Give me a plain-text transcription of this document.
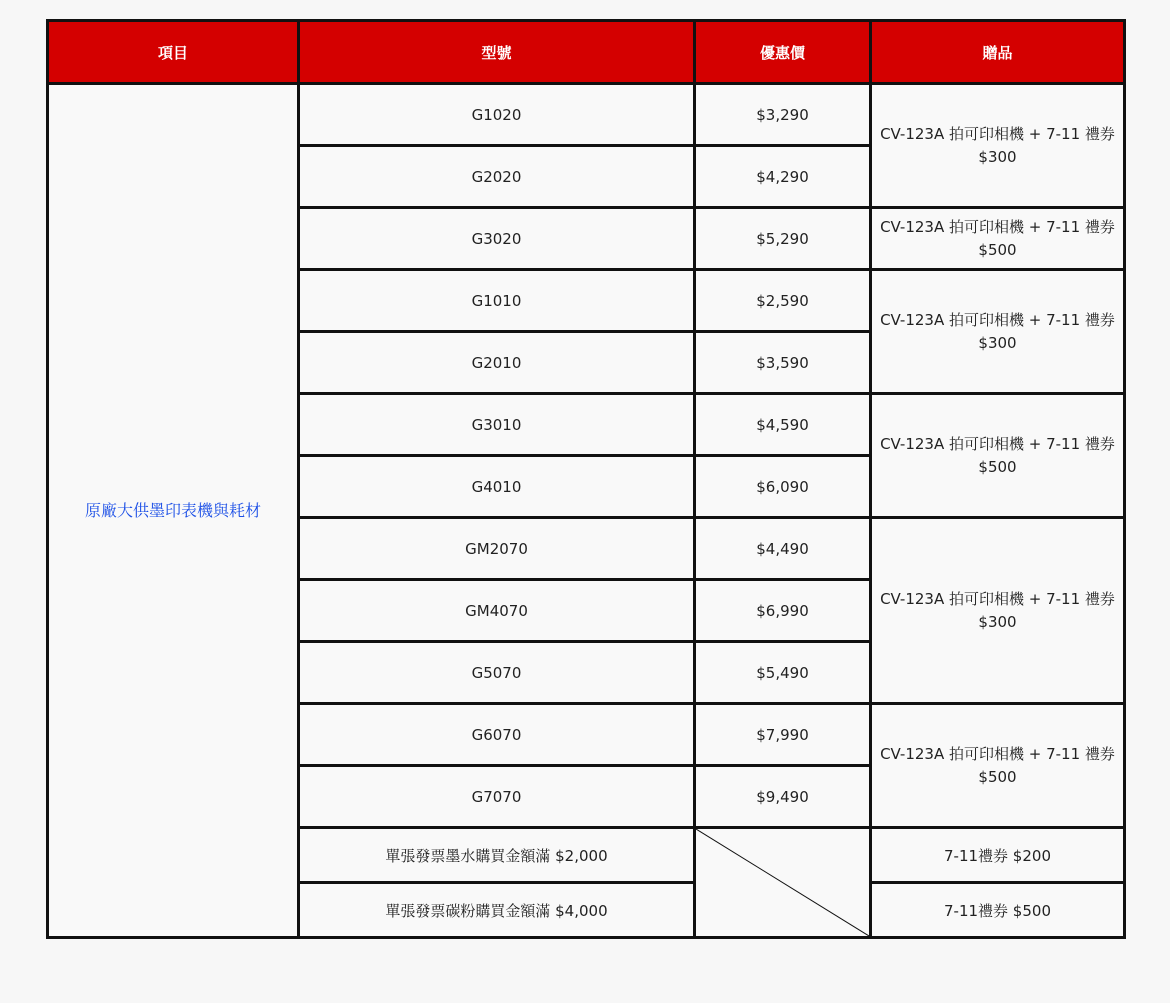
項目	型號	優惠價	贈品
原廠大供墨印表機與耗材	G1020	$3,290	CV-123A 拍可印相機 + 7-11 禮券
$300
	G2020	$4,290	
	G3020	$5,290	CV-123A 拍可印相機 + 7-11 禮券
$500
	G1010	$2,590	CV-123A 拍可印相機 + 7-11 禮券
$300
	G2010	$3,590	
	G3010	$4,590	CV-123A 拍可印相機 + 7-11 禮券
$500
	G4010	$6,090	
	GM2070	$4,490	CV-123A 拍可印相機 + 7-11 禮券
$300
	GM4070	$6,990	
	G5070	$5,490	
	G6070	$7,990	CV-123A 拍可印相機 + 7-11 禮券
$500
	G7070	$9,490	
	單張發票墨水購買金額滿 $2,000		7-11禮券 $200
	單張發票碳粉購買金額滿 $4,000		7-11禮券 $500
